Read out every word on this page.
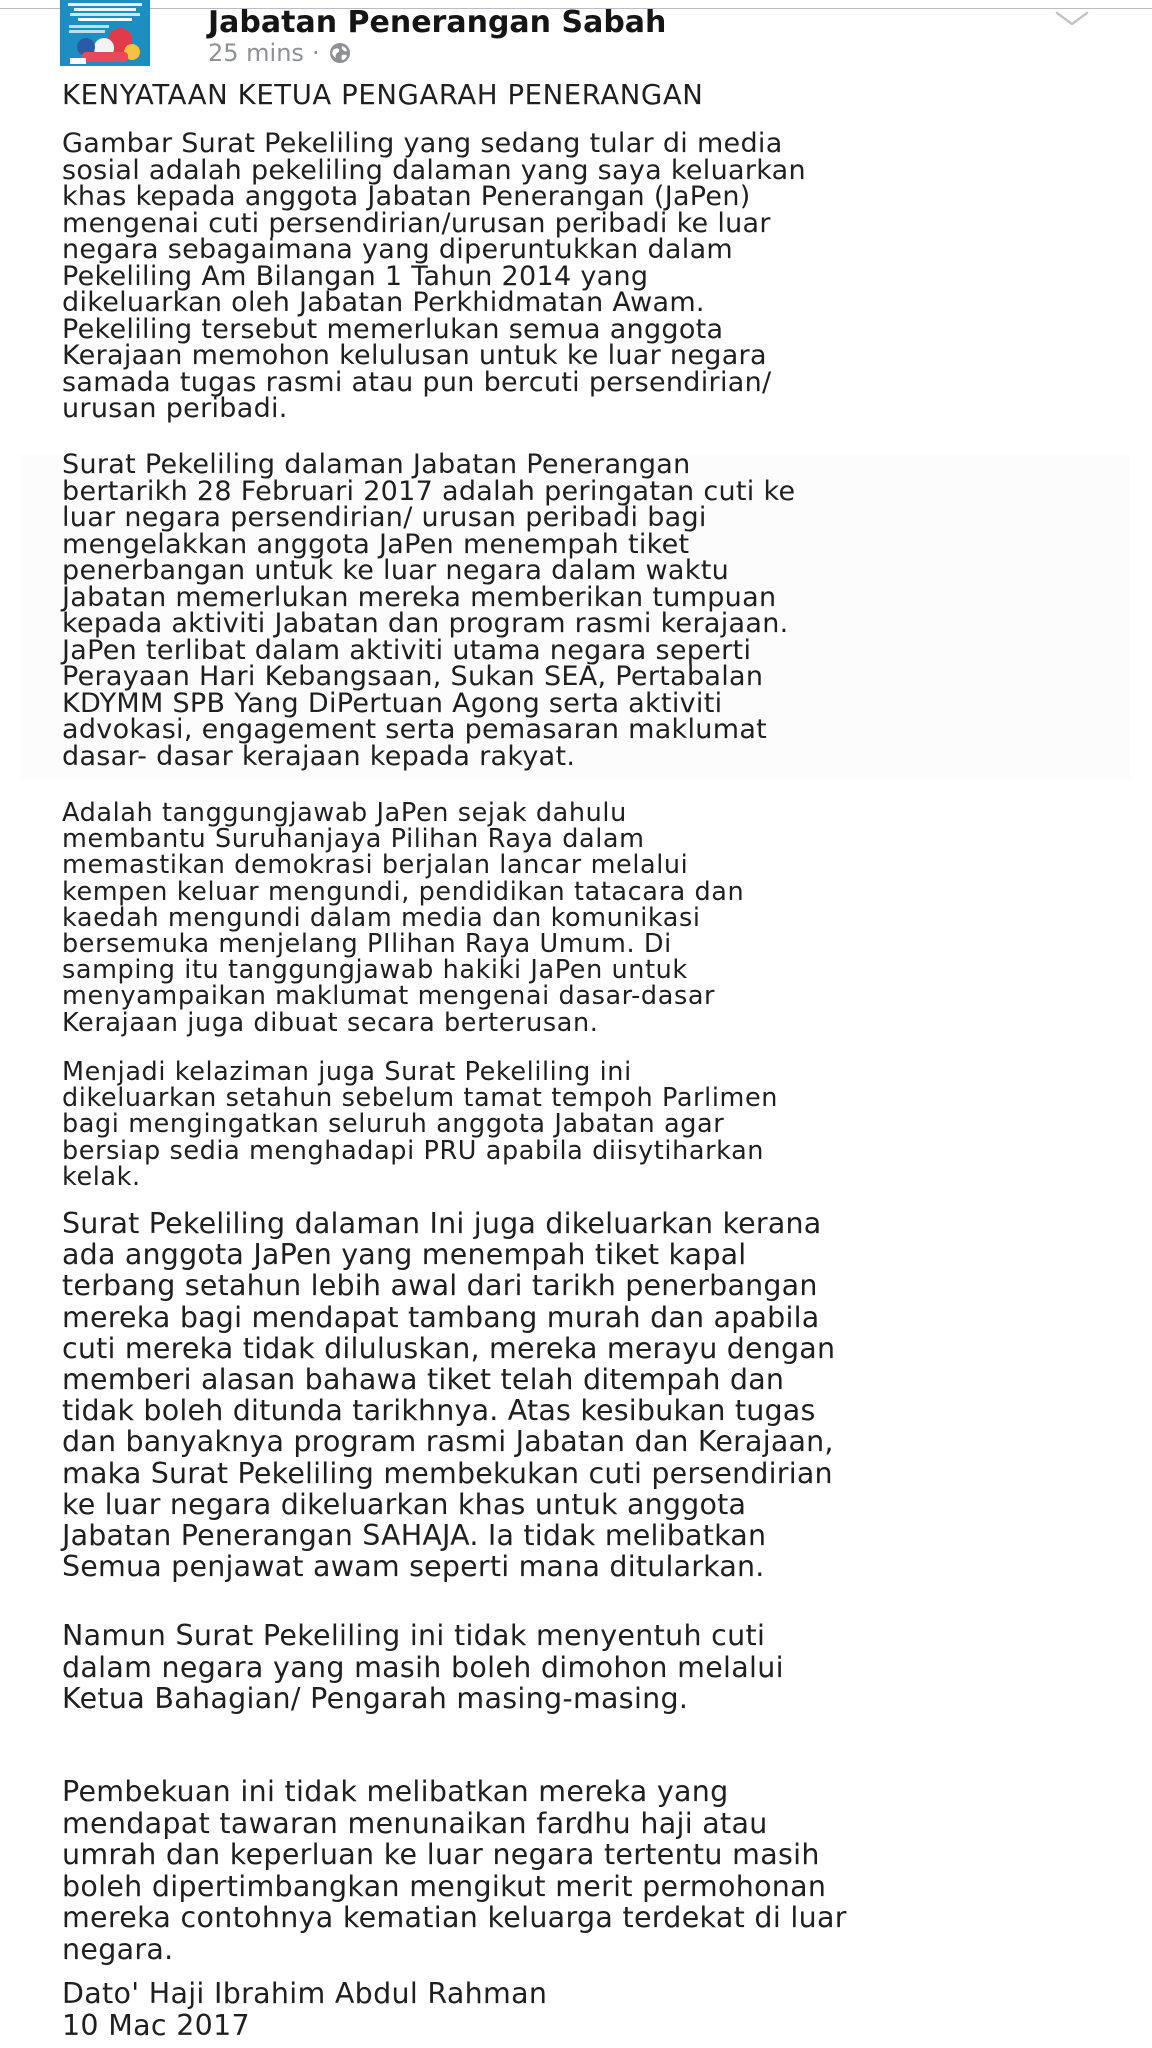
Jabatan Penerangan Sabah
25 mins ·

KENYATAAN KETUA PENGARAH PENERANGAN

Gambar Surat Pekeliling yang sedang tular di media

sosial adalah pekeliling dalaman yang saya keluarkan

khas kepada anggota Jabatan Penerangan (JaPen)

mengenai cuti persendirian/urusan peribadi ke luar

negara sebagaimana yang diperuntukkan dalam

Pekeliling Am Bilangan 1 Tahun 2014 yang

dikeluarkan oleh Jabatan Perkhidmatan Awam.

Pekeliling tersebut memerlukan semua anggota

Kerajaan memohon kelulusan untuk ke luar negara

samada tugas rasmi atau pun bercuti persendirian/

urusan peribadi.

Surat Pekeliling dalaman Jabatan Penerangan

bertarikh 28 Februari 2017 adalah peringatan cuti ke

luar negara persendirian/ urusan peribadi bagi

mengelakkan anggota JaPen menempah tiket

penerbangan untuk ke luar negara dalam waktu

Jabatan memerlukan mereka memberikan tumpuan

kepada aktiviti Jabatan dan program rasmi kerajaan.

JaPen terlibat dalam aktiviti utama negara seperti

Perayaan Hari Kebangsaan, Sukan SEA, Pertabalan

KDYMM SPB Yang DiPertuan Agong serta aktiviti

advokasi, engagement serta pemasaran maklumat

dasar- dasar kerajaan kepada rakyat.

Adalah tanggungjawab JaPen sejak dahulu

membantu Suruhanjaya Pilihan Raya dalam

memastikan demokrasi berjalan lancar melalui

kempen keluar mengundi, pendidikan tatacara dan

kaedah mengundi dalam media dan komunikasi

bersemuka menjelang PIlihan Raya Umum. Di

samping itu tanggungjawab hakiki JaPen untuk

menyampaikan maklumat mengenai dasar-dasar

Kerajaan juga dibuat secara berterusan.

Menjadi kelaziman juga Surat Pekeliling ini

dikeluarkan setahun sebelum tamat tempoh Parlimen

bagi mengingatkan seluruh anggota Jabatan agar

bersiap sedia menghadapi PRU apabila diisytiharkan

kelak.

Surat Pekeliling dalaman Ini juga dikeluarkan kerana

ada anggota JaPen yang menempah tiket kapal

terbang setahun lebih awal dari tarikh penerbangan

mereka bagi mendapat tambang murah dan apabila

cuti mereka tidak diluluskan, mereka merayu dengan

memberi alasan bahawa tiket telah ditempah dan

tidak boleh ditunda tarikhnya. Atas kesibukan tugas

dan banyaknya program rasmi Jabatan dan Kerajaan,

maka Surat Pekeliling membekukan cuti persendirian

ke luar negara dikeluarkan khas untuk anggota

Jabatan Penerangan SAHAJA. Ia tidak melibatkan

Semua penjawat awam seperti mana ditularkan.

Namun Surat Pekeliling ini tidak menyentuh cuti

dalam negara yang masih boleh dimohon melalui

Ketua Bahagian/ Pengarah masing-masing.

Pembekuan ini tidak melibatkan mereka yang

mendapat tawaran menunaikan fardhu haji atau

umrah dan keperluan ke luar negara tertentu masih

boleh dipertimbangkan mengikut merit permohonan

mereka contohnya kematian keluarga terdekat di luar

negara.

Dato' Haji Ibrahim Abdul Rahman

10 Mac 2017
